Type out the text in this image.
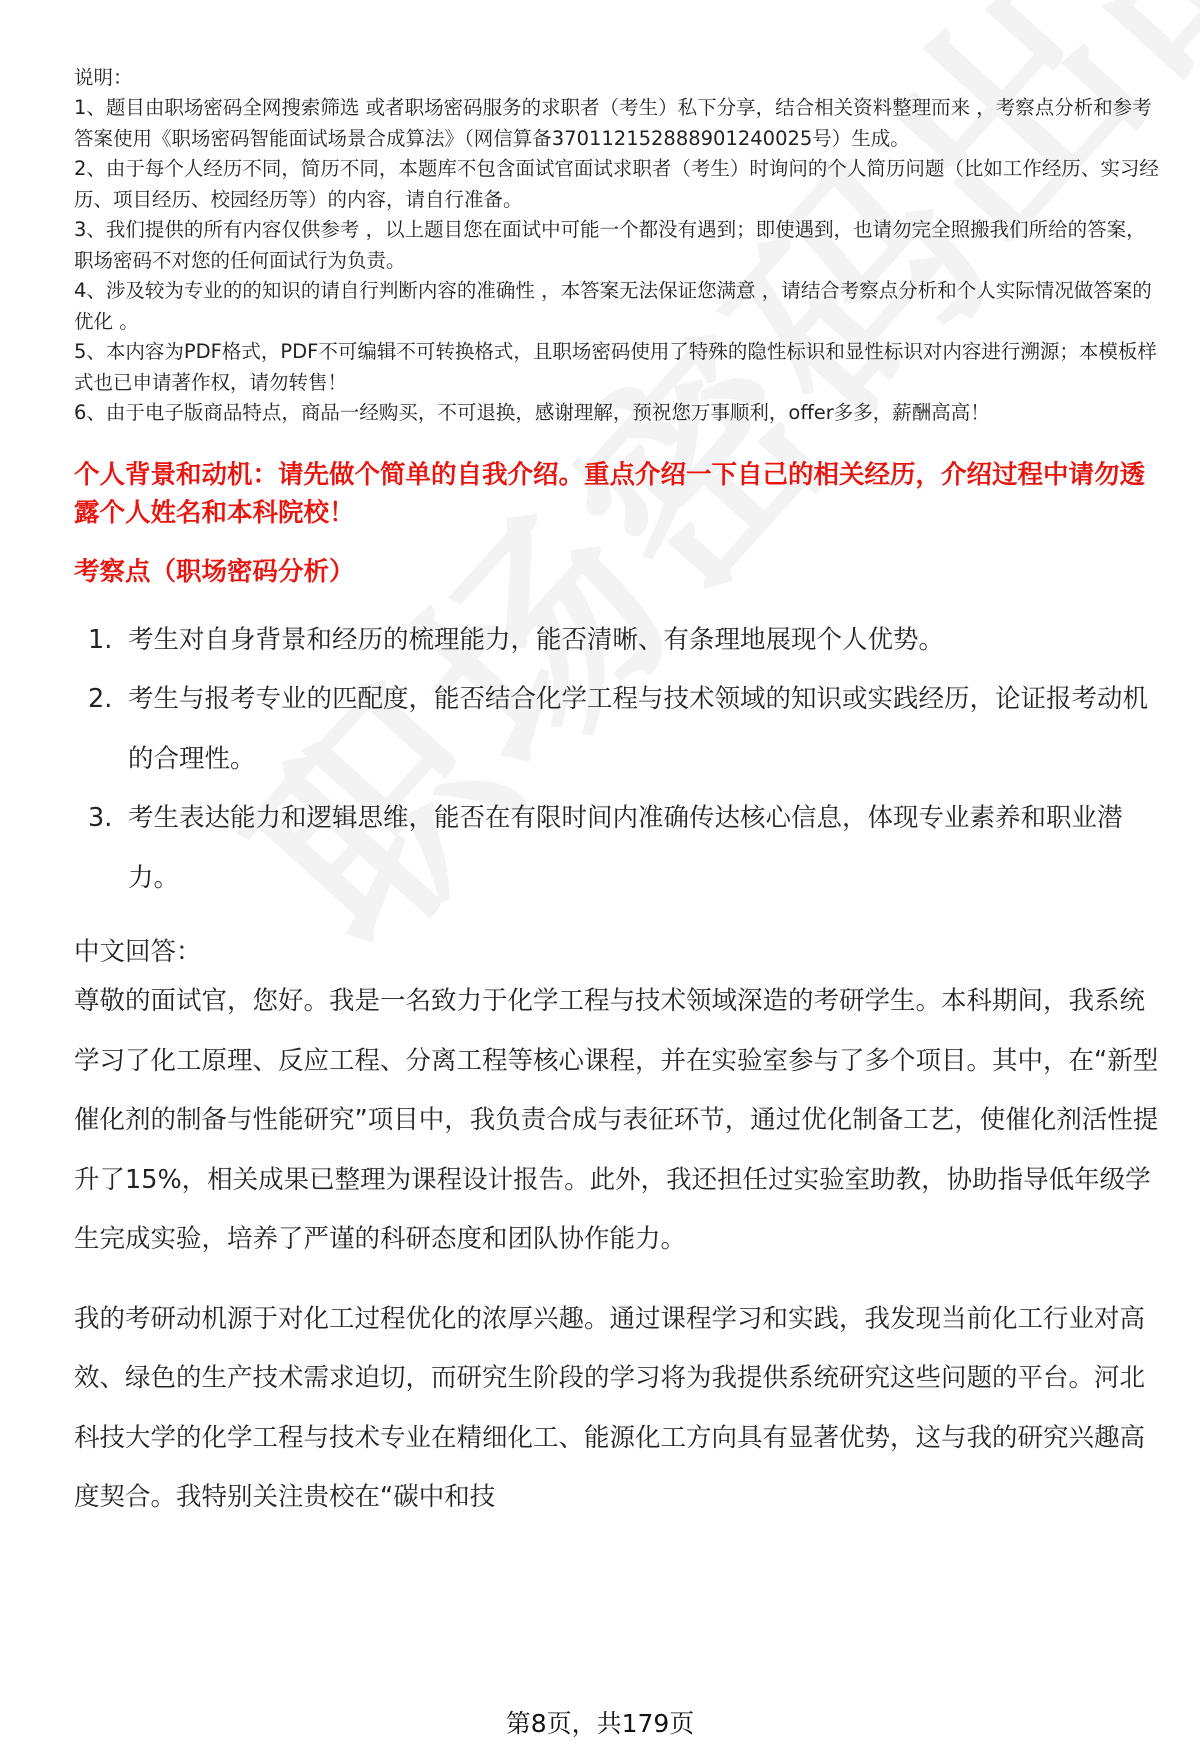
说明：

1、题目由职场密码全网搜索筛选 或者职场密码服务的求职者（考生）私下分享，结合相关资料整理而来 ，考察点分析和参考答案使用《职场密码智能面试场景合成算法》（网信算备370112152888901240025号）生成。
2、由于每个人经历不同，简历不同，本题库不包含面试官面试求职者（考生）时询问的个人简历问题（比如工作经历、实习经历、项目经历、校园经历等）的内容，请自行准备。
3、我们提供的所有内容仅供参考 ，以上题目您在面试中可能一个都没有遇到；即使遇到，也请勿完全照搬我们所给的答案，职场密码不对您的任何面试行为负责。
4、涉及较为专业的的知识的请自行判断内容的准确性 ，本答案无法保证您满意 ，请结合考察点分析和个人实际情况做答案的优化 。
5、本内容为PDF格式，PDF不可编辑不可转换格式，且职场密码使用了特殊的隐性标识和显性标识对内容进行溯源；本模板样式也已申请著作权，请勿转售！
6、由于电子版商品特点，商品一经购买，不可退换，感谢理解，预祝您万事顺利，offer多多，薪酬高高！

个人背景和动机：请先做个简单的自我介绍。重点介绍一下自己的相关经历，介绍过程中请勿透露个人姓名和本科院校！

考察点（职场密码分析）

1. 考生对自身背景和经历的梳理能力，能否清晰、有条理地展现个人优势。
2. 考生与报考专业的匹配度，能否结合化学工程与技术领域的知识或实践经历，论证报考动机的合理性。
3. 考生表达能力和逻辑思维，能否在有限时间内准确传达核心信息，体现专业素养和职业潜力。

中文回答：

尊敬的面试官，您好。我是一名致力于化学工程与技术领域深造的考研学生。本科期间，我系统学习了化工原理、反应工程、分离工程等核心课程，并在实验室参与了多个项目。其中，在“新型催化剂的制备与性能研究”项目中，我负责合成与表征环节，通过优化制备工艺，使催化剂活性提升了15%，相关成果已整理为课程设计报告。此外，我还担任过实验室助教，协助指导低年级学生完成实验，培养了严谨的科研态度和团队协作能力。

我的考研动机源于对化工过程优化的浓厚兴趣。通过课程学习和实践，我发现当前化工行业对高效、绿色的生产技术需求迫切，而研究生阶段的学习将为我提供系统研究这些问题的平台。河北科技大学的化学工程与技术专业在精细化工、能源化工方向具有显著优势，这与我的研究兴趣高度契合。我特别关注贵校在“碳中和技

第8页，共179页
